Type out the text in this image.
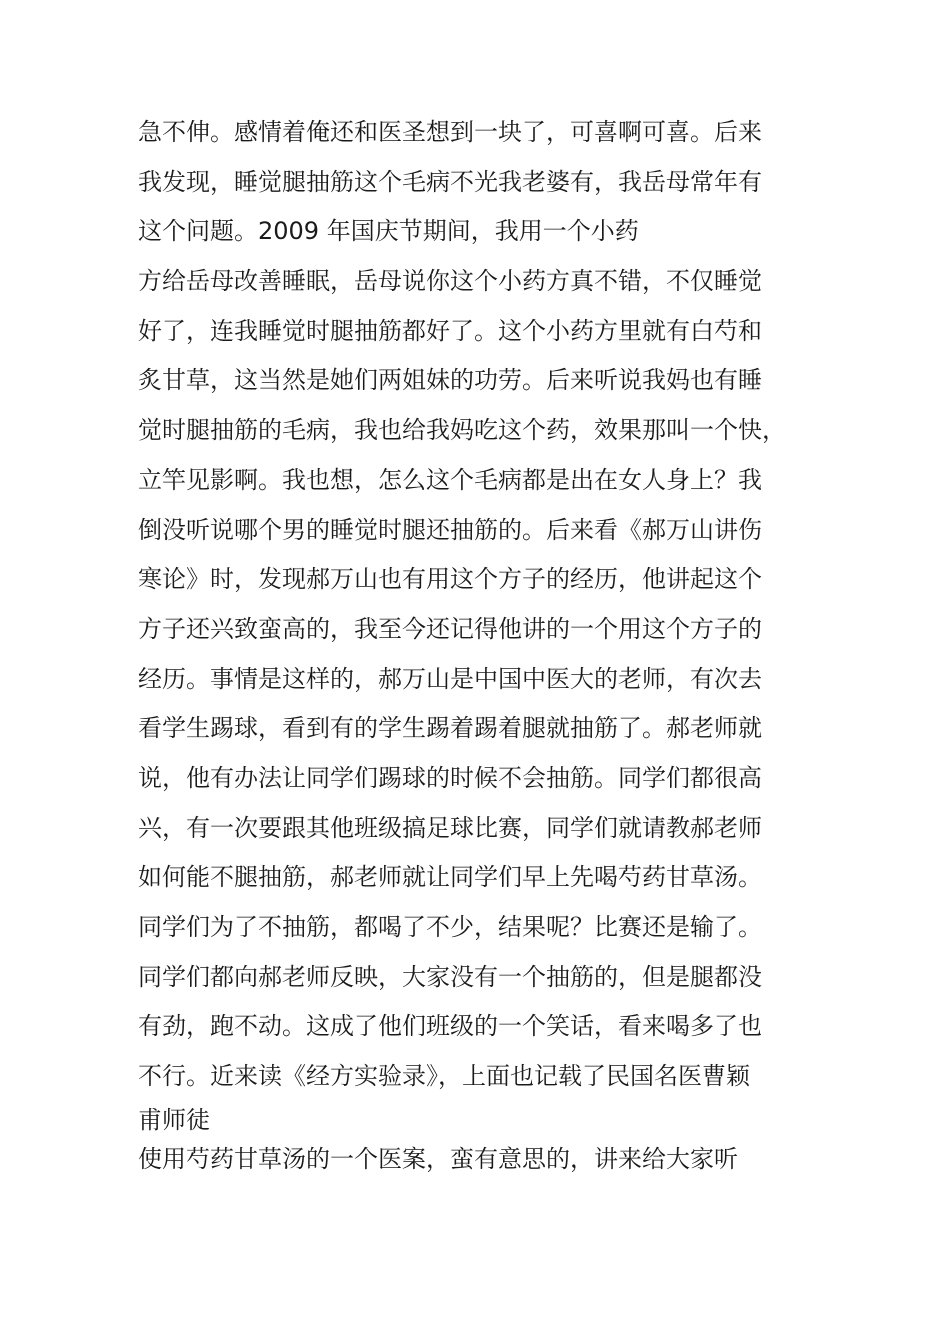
急不伸。感情着俺还和医圣想到一块了，可喜啊可喜。后来
我发现，睡觉腿抽筋这个毛病不光我老婆有，我岳母常年有
这个问题。2009 年国庆节期间，我用一个小药
方给岳母改善睡眠，岳母说你这个小药方真不错，不仅睡觉
好了，连我睡觉时腿抽筋都好了。这个小药方里就有白芍和
炙甘草，这当然是她们两姐妹的功劳。后来听说我妈也有睡
觉时腿抽筋的毛病，我也给我妈吃这个药，效果那叫一个快，
立竿见影啊。我也想，怎么这个毛病都是出在女人身上？我
倒没听说哪个男的睡觉时腿还抽筋的。后来看《郝万山讲伤
寒论》时，发现郝万山也有用这个方子的经历，他讲起这个
方子还兴致蛮高的，我至今还记得他讲的一个用这个方子的
经历。事情是这样的，郝万山是中国中医大的老师，有次去
看学生踢球，看到有的学生踢着踢着腿就抽筋了。郝老师就
说，他有办法让同学们踢球的时候不会抽筋。同学们都很高
兴，有一次要跟其他班级搞足球比赛，同学们就请教郝老师
如何能不腿抽筋，郝老师就让同学们早上先喝芍药甘草汤。
同学们为了不抽筋，都喝了不少，结果呢？比赛还是输了。
同学们都向郝老师反映，大家没有一个抽筋的，但是腿都没
有劲，跑不动。这成了他们班级的一个笑话，看来喝多了也
不行。近来读《经方实验录》，上面也记载了民国名医曹颖
甫师徒
使用芍药甘草汤的一个医案，蛮有意思的，讲来给大家听
